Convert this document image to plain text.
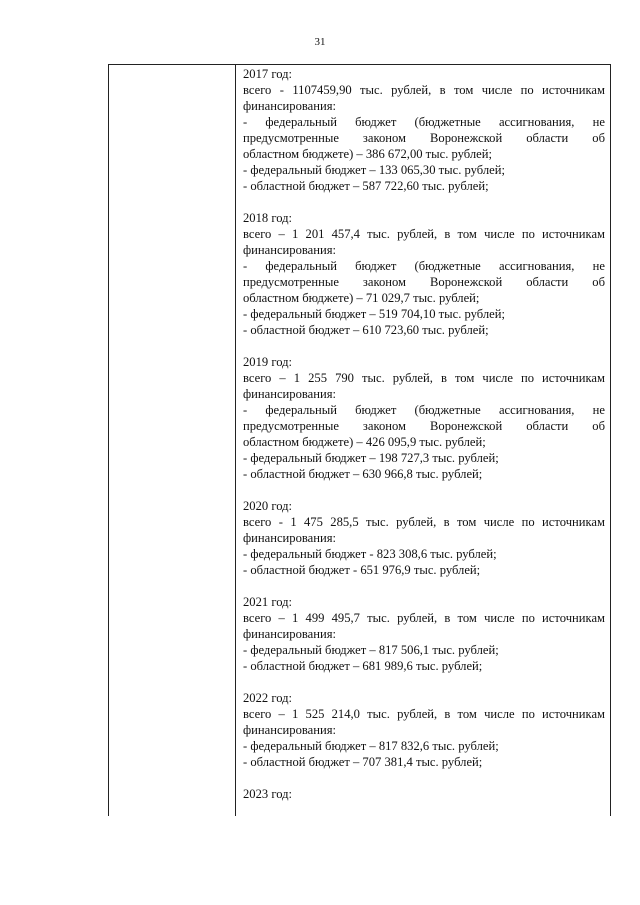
31

2017 год:

всего - 1107459,90 тыс. рублей, в том числе по источникам

финансирования:

- федеральный бюджет (бюджетные ассигнования, не

предусмотренные законом Воронежской области об

областном бюджете) – 386 672,00 тыс. рублей;

- федеральный бюджет – 133 065,30 тыс. рублей;

- областной бюджет – 587 722,60 тыс. рублей;

2018 год:

всего – 1 201 457,4 тыс. рублей, в том числе по источникам

финансирования:

- федеральный бюджет (бюджетные ассигнования, не

предусмотренные законом Воронежской области об

областном бюджете) – 71 029,7 тыс. рублей;

- федеральный бюджет – 519 704,10 тыс. рублей;

- областной бюджет – 610 723,60 тыс. рублей;

2019 год:

всего – 1 255 790 тыс. рублей, в том числе по источникам

финансирования:

- федеральный бюджет (бюджетные ассигнования, не

предусмотренные законом Воронежской области об

областном бюджете) – 426 095,9 тыс. рублей;

- федеральный бюджет – 198 727,3 тыс. рублей;

- областной бюджет – 630 966,8 тыс. рублей;

2020 год:

всего - 1 475 285,5 тыс. рублей, в том числе по источникам

финансирования:

- федеральный бюджет - 823 308,6 тыс. рублей;

- областной бюджет - 651 976,9 тыс. рублей;

2021 год:

всего – 1 499 495,7 тыс. рублей, в том числе по источникам

финансирования:

- федеральный бюджет – 817 506,1 тыс. рублей;

- областной бюджет – 681 989,6 тыс. рублей;

2022 год:

всего – 1 525 214,0 тыс. рублей, в том числе по источникам

финансирования:

- федеральный бюджет – 817 832,6 тыс. рублей;

- областной бюджет – 707 381,4 тыс. рублей;

2023 год:
